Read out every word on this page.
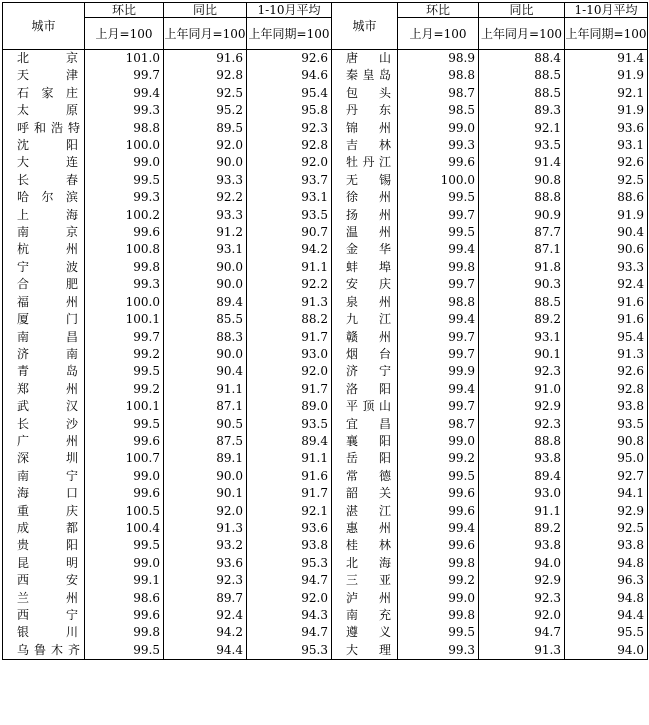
城市	环比	同比	1-10月平均	城市	环比	同比	1-10月平均
	上月=100	上年同月=100	上年同期=100		上月=100	上年同月=100	上年同期=100
北京	101.0	91.6	92.6	唐山	98.9	88.4	91.4
天津	99.7	92.8	94.6	秦皇岛	98.8	88.5	91.9
石家庄	99.4	92.5	95.4	包头	98.7	88.5	92.1
太原	99.3	95.2	95.8	丹东	98.5	89.3	91.9
呼和浩特	98.8	89.5	92.3	锦州	99.0	92.1	93.6
沈阳	100.0	92.0	92.8	吉林	99.3	93.5	93.1
大连	99.0	90.0	92.0	牡丹江	99.6	91.4	92.6
长春	99.5	93.3	93.7	无锡	100.0	90.8	92.5
哈尔滨	99.3	92.2	93.1	徐州	99.5	88.8	88.6
上海	100.2	93.3	93.5	扬州	99.7	90.9	91.9
南京	99.6	91.2	90.7	温州	99.5	87.7	90.4
杭州	100.8	93.1	94.2	金华	99.4	87.1	90.6
宁波	99.8	90.0	91.1	蚌埠	99.8	91.8	93.3
合肥	99.3	90.0	92.2	安庆	99.7	90.3	92.4
福州	100.0	89.4	91.3	泉州	98.8	88.5	91.6
厦门	100.1	85.5	88.2	九江	99.4	89.2	91.6
南昌	99.7	88.3	91.7	赣州	99.7	93.1	95.4
济南	99.2	90.0	93.0	烟台	99.7	90.1	91.3
青岛	99.5	90.4	92.0	济宁	99.9	92.3	92.6
郑州	99.2	91.1	91.7	洛阳	99.4	91.0	92.8
武汉	100.1	87.1	89.0	平顶山	99.7	92.9	93.8
长沙	99.5	90.5	93.5	宜昌	98.7	92.3	93.5
广州	99.6	87.5	89.4	襄阳	99.0	88.8	90.8
深圳	100.7	89.1	91.1	岳阳	99.2	93.8	95.0
南宁	99.0	90.0	91.6	常德	99.5	89.4	92.7
海口	99.6	90.1	91.7	韶关	99.6	93.0	94.1
重庆	100.5	92.0	92.1	湛江	99.6	91.1	92.9
成都	100.4	91.3	93.6	惠州	99.4	89.2	92.5
贵阳	99.5	93.2	93.8	桂林	99.6	93.8	93.8
昆明	99.0	93.6	95.3	北海	99.8	94.0	94.8
西安	99.1	92.3	94.7	三亚	99.2	92.9	96.3
兰州	98.6	89.7	92.0	泸州	99.0	92.3	94.8
西宁	99.6	92.4	94.3	南充	99.8	92.0	94.4
银川	99.8	94.2	94.7	遵义	99.5	94.7	95.5
乌鲁木齐	99.5	94.4	95.3	大理	99.3	91.3	94.0
